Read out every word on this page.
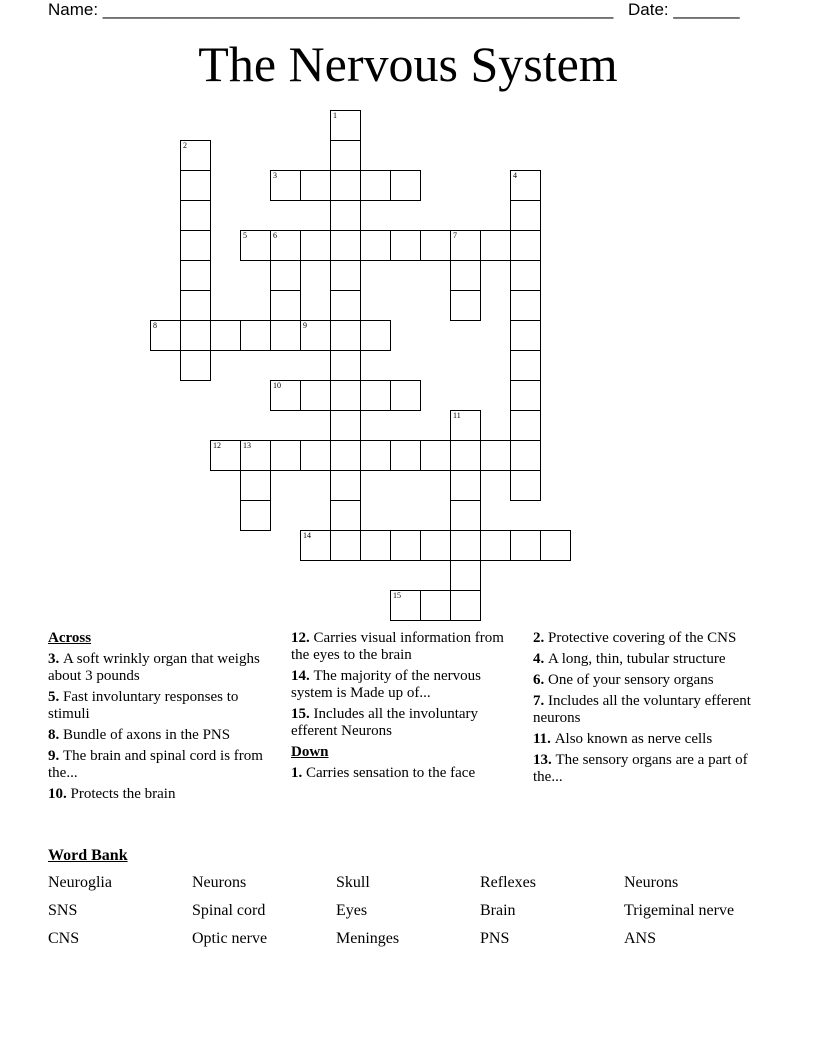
Name: ______________________________________________________ Date: _______
The Nervous System
1
2
3	4
5	6	7
8	9
10
11
12	13
14
15
Across
3. A soft wrinkly organ that weighs about 3 pounds
5. Fast involuntary responses to stimuli
8. Bundle of axons in the PNS
9. The brain and spinal cord is from the...
10. Protects the brain
12. Carries visual information from the eyes to the brain
14. The majority of the nervous system is Made up of...
15. Includes all the involuntary efferent Neurons
Down
1. Carries sensation to the face
2. Protective covering of the CNS
4. A long, thin, tubular structure
6. One of your sensory organs
7. Includes all the voluntary efferent neurons
11. Also known as nerve cells
13. The sensory organs are a part of the...
Word Bank
Neuroglia	Neurons	Skull	Reflexes	Neurons
SNS	Spinal cord	Eyes	Brain	Trigeminal nerve
CNS	Optic nerve	Meninges	PNS	ANS
